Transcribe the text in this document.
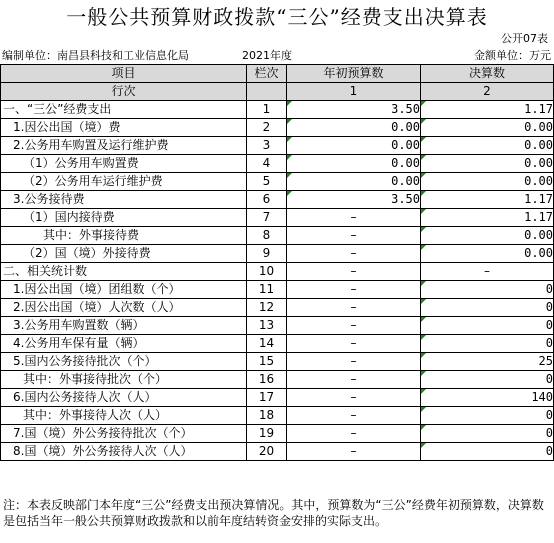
一般公共预算财政拨款“三公”经费支出决算表
公开07表
编制单位：南昌县科技和工业信息化局	2021年度	金额单位：万元
项目	栏次	年初预算数	决算数
行次		1	2
一、“三公”经费支出	1	3.50	1.17
1.因公出国（境）费	2	0.00	0.00
2.公务用车购置及运行维护费	3	0.00	0.00
（1）公务用车购置费	4	0.00	0.00
（2）公务用车运行维护费	5	0.00	0.00
3.公务接待费	6	3.50	1.17
（1）国内接待费	7	–	1.17
其中：外事接待费	8	–	0.00
（2）国（境）外接待费	9	–	0.00
二、相关统计数	10	–	–
1.因公出国（境）团组数（个）	11	–	0
2.因公出国（境）人次数（人）	12	–	0
3.公务用车购置数（辆）	13	–	0
4.公务用车保有量（辆）	14	–	0
5.国内公务接待批次（个）	15	–	25
其中：外事接待批次（个）	16	–	0
6.国内公务接待人次（人）	17	–	140
其中：外事接待人次（人）	18	–	0
7.国（境）外公务接待批次（个）	19	–	0
8.国（境）外公务接待人次（人）	20	–	0
注：本表反映部门本年度“三公”经费支出预决算情况。其中，预算数为“三公”经费年初预算数，决算数是包括当年一般公共预算财政拨款和以前年度结转资金安排的实际支出。
